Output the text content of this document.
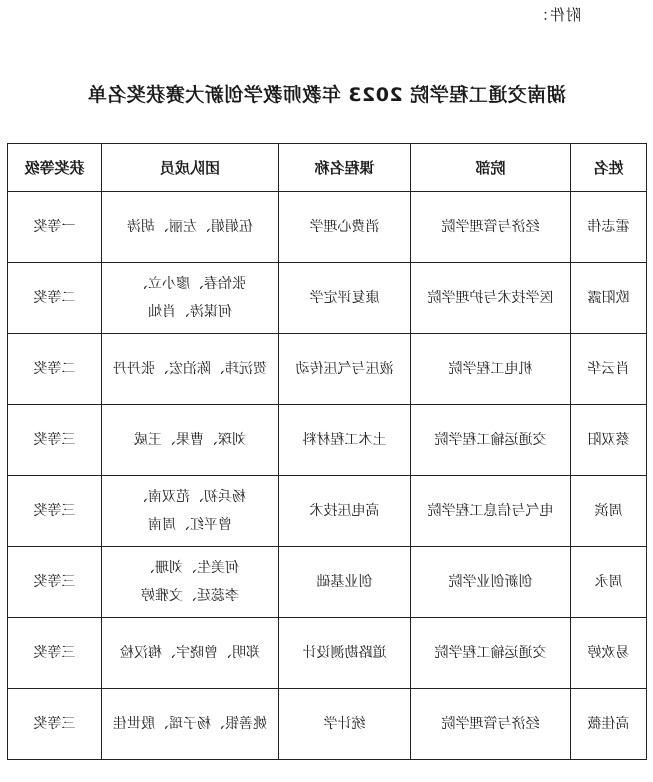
附件：
湖南交通工程学院 2023 年教师教学创新大赛获奖名单
姓名	院部	课程名称	团队成员	获奖等级
霍志伟	经济与管理学院	消费心理学	伍娟娟、左丽、胡涛	一等奖
欧阳露	医学技术与护理学院	康复评定学	张怡春、廖小立、
何谋涛、肖灿	二等奖
肖云华	机电工程学院	液压与气压传动	贺沅玮、陈泊宏、张丹丹	二等奖
蔡双阳	交通运输工程学院	土木工程材料	刘琛、曹果、王威	三等奖
周滨	电气与信息工程学院	高电压技术	杨兵初、范双南、
曾平红、周南	三等奖
周永	创新创业学院	创业基础	何美生、刘珊、
李蕊廷、文雅婷	三等奖
易欢婷	交通运输工程学院	道路勘测设计	郑明、曾晓宇、梅汉检	三等奖
高佳薇	经济与管理学院	统计学	姚善银、杨子瑶、殷世佳	三等奖
